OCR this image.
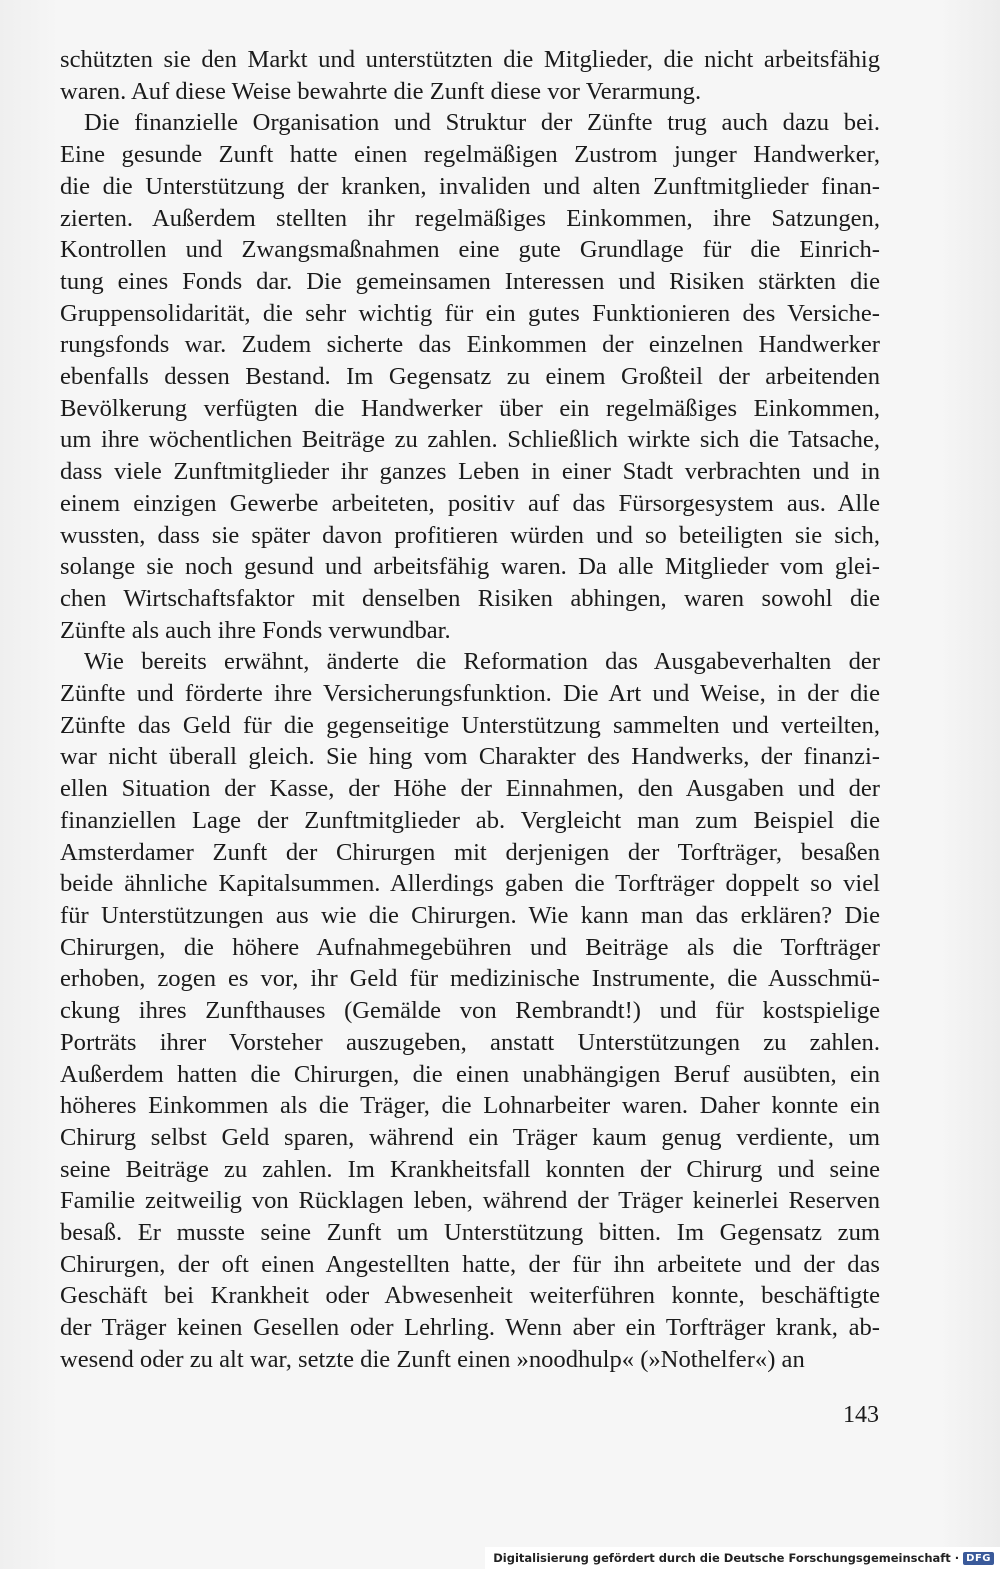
schützten sie den Markt und unterstützten die Mitglieder, die nicht arbeitsfähig
waren. Auf diese Weise bewahrte die Zunft diese vor Verarmung.

Die finanzielle Organisation und Struktur der Zünfte trug auch dazu bei.
Eine gesunde Zunft hatte einen regelmäßigen Zustrom junger Handwerker,
die die Unterstützung der kranken, invaliden und alten Zunftmitglieder finan-
zierten. Außerdem stellten ihr regelmäßiges Einkommen, ihre Satzungen,
Kontrollen und Zwangsmaßnahmen eine gute Grundlage für die Einrich-
tung eines Fonds dar. Die gemeinsamen Interessen und Risiken stärkten die
Gruppensolidarität, die sehr wichtig für ein gutes Funktionieren des Versiche-
rungsfonds war. Zudem sicherte das Einkommen der einzelnen Handwerker
ebenfalls dessen Bestand. Im Gegensatz zu einem Großteil der arbeitenden
Bevölkerung verfügten die Handwerker über ein regelmäßiges Einkommen,
um ihre wöchentlichen Beiträge zu zahlen. Schließlich wirkte sich die Tatsache,
dass viele Zunftmitglieder ihr ganzes Leben in einer Stadt verbrachten und in
einem einzigen Gewerbe arbeiteten, positiv auf das Fürsorgesystem aus. Alle
wussten, dass sie später davon profitieren würden und so beteiligten sie sich,
solange sie noch gesund und arbeitsfähig waren. Da alle Mitglieder vom glei-
chen Wirtschaftsfaktor mit denselben Risiken abhingen, waren sowohl die
Zünfte als auch ihre Fonds verwundbar.

Wie bereits erwähnt, änderte die Reformation das Ausgabeverhalten der
Zünfte und förderte ihre Versicherungsfunktion. Die Art und Weise, in der die
Zünfte das Geld für die gegenseitige Unterstützung sammelten und verteilten,
war nicht überall gleich. Sie hing vom Charakter des Handwerks, der finanzi-
ellen Situation der Kasse, der Höhe der Einnahmen, den Ausgaben und der
finanziellen Lage der Zunftmitglieder ab. Vergleicht man zum Beispiel die
Amsterdamer Zunft der Chirurgen mit derjenigen der Torfträger, besaßen
beide ähnliche Kapitalsummen. Allerdings gaben die Torfträger doppelt so viel
für Unterstützungen aus wie die Chirurgen. Wie kann man das erklären? Die
Chirurgen, die höhere Aufnahmegebühren und Beiträge als die Torfträger
erhoben, zogen es vor, ihr Geld für medizinische Instrumente, die Ausschmü-
ckung ihres Zunfthauses (Gemälde von Rembrandt!) und für kostspielige
Porträts ihrer Vorsteher auszugeben, anstatt Unterstützungen zu zahlen.
Außerdem hatten die Chirurgen, die einen unabhängigen Beruf ausübten, ein
höheres Einkommen als die Träger, die Lohnarbeiter waren. Daher konnte ein
Chirurg selbst Geld sparen, während ein Träger kaum genug verdiente, um
seine Beiträge zu zahlen. Im Krankheitsfall konnten der Chirurg und seine
Familie zeitweilig von Rücklagen leben, während der Träger keinerlei Reserven
besaß. Er musste seine Zunft um Unterstützung bitten. Im Gegensatz zum
Chirurgen, der oft einen Angestellten hatte, der für ihn arbeitete und der das
Geschäft bei Krankheit oder Abwesenheit weiterführen konnte, beschäftigte
der Träger keinen Gesellen oder Lehrling. Wenn aber ein Torfträger krank, ab-
wesend oder zu alt war, setzte die Zunft einen »noodhulp« (»Nothelfer«) an

143
Digitalisierung gefördert durch die Deutsche Forschungsgemeinschaft · DFG
